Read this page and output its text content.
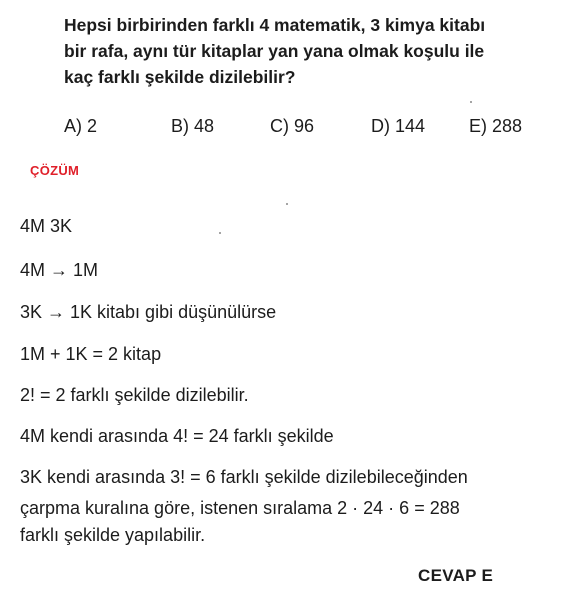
Hepsi birbirinden farklı 4 matematik, 3 kimya kitabı
bir rafa, aynı tür kitaplar yan yana olmak koşulu ile
kaç farklı şekilde dizilebilir?
A) 2	B) 48	C) 96	D) 144 E) 288
ÇÖZÜM
4M 3K
4M → 1M
3K → 1K kitabı gibi düşünülürse
1M + 1K = 2 kitap
2! = 2 farklı şekilde dizilebilir.
4M kendi arasında 4! = 24 farklı şekilde
3K kendi arasında 3! = 6 farklı şekilde dizilebileceğinden
çarpma kuralına göre, istenen sıralama 2 · 24 · 6 = 288
farklı şekilde yapılabilir.
CEVAP E
